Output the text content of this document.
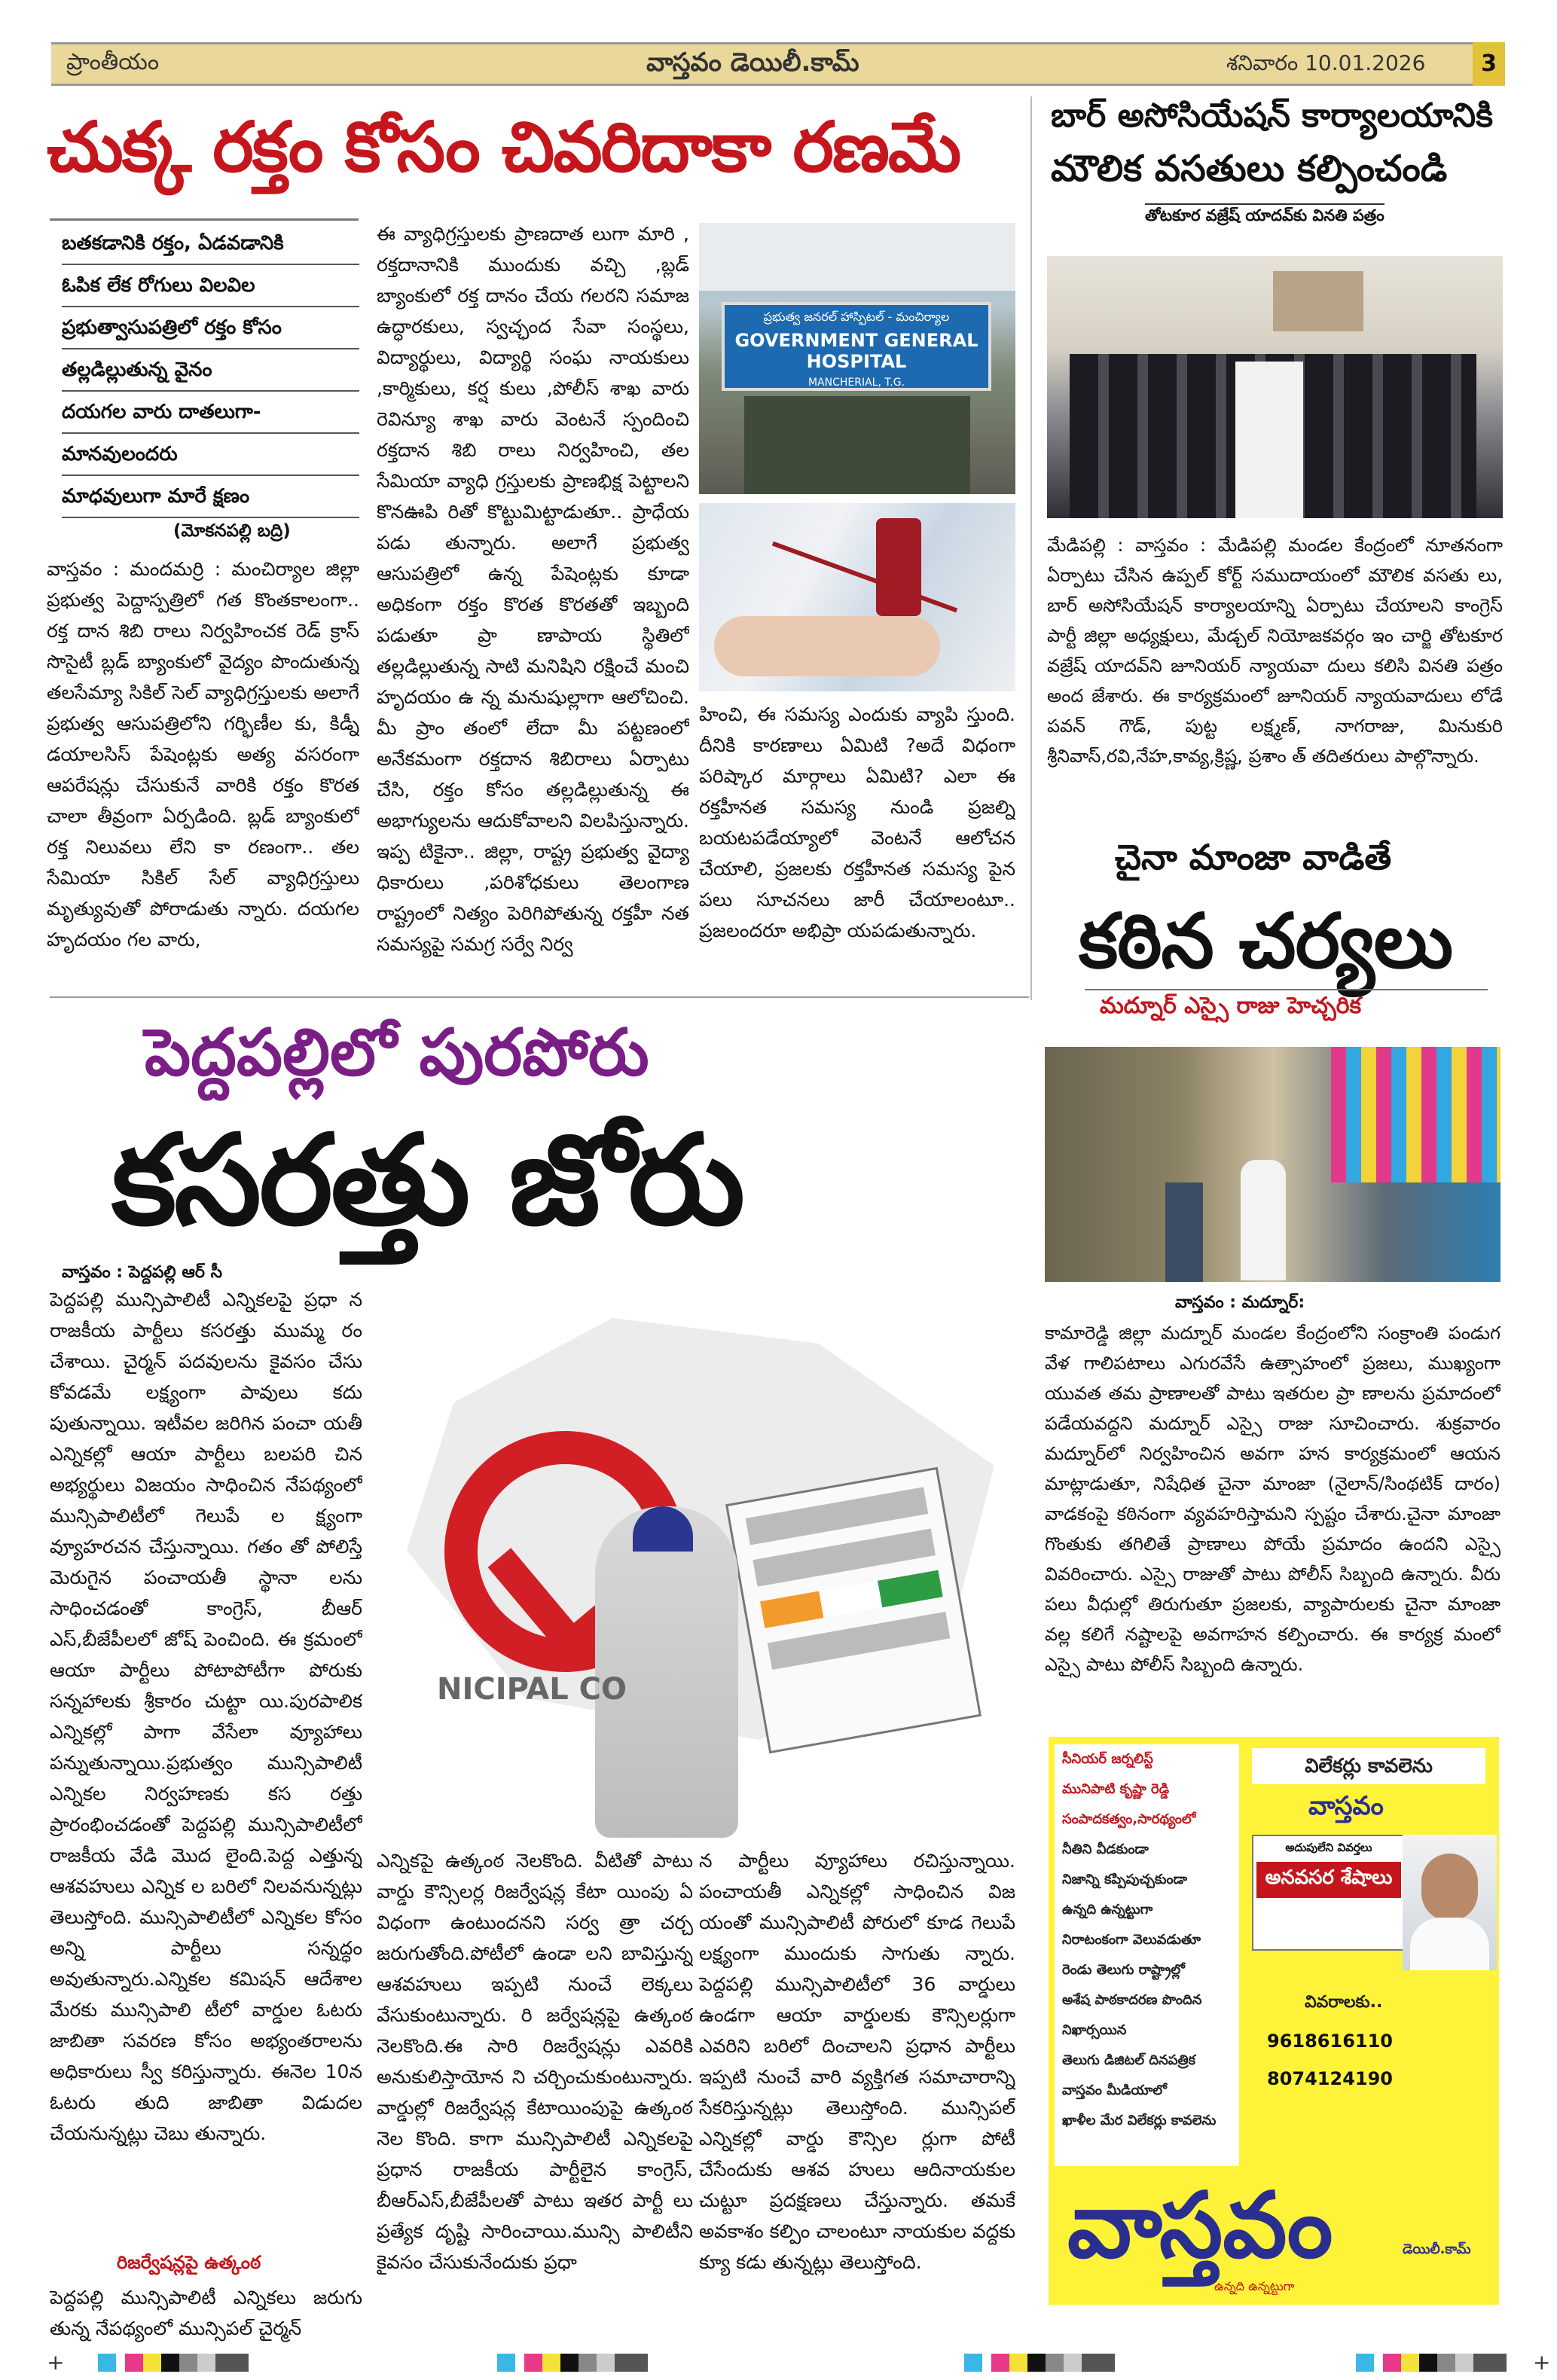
ప్రాంతీయం	వాస్తవం డెయిలీ.కామ్	శనివారం 10.01.2026	3
చుక్క రక్తం కోసం చివరిదాకా రణమే

బతకడానికి రక్తం, ఏడవడానికి

ఓపిక లేక రోగులు విలవిల

ప్రభుత్వాసుపత్రిలో రక్తం కోసం

తల్లడిల్లుతున్న వైనం

దయగల వారు దాతలుగా-

మానవులందరు

మాధవులుగా మారే క్షణం

(మోకనపల్లి బద్రి)
వాస్తవం : మందమర్రి : మంచిర్యాల జిల్లా ప్రభుత్వ పెద్దాస్పత్రిలో గత కొంతకాలంగా.. రక్త దాన శిబి రాలు నిర్వహించక రెడ్ క్రాస్ సొసైటీ బ్లడ్ బ్యాంకులో వైద్యం పొందుతున్న తలసేమ్యా సికిల్ సెల్ వ్యాధిగ్రస్తులకు అలాగే ప్రభుత్వ ఆసుపత్రిలోని గర్భిణీల కు, కిడ్నీ డయాలసిస్ పేషెంట్లకు అత్య వసరంగా ఆపరేషన్లు చేసుకునే వారికి రక్తం కొరత చాలా తీవ్రంగా ఏర్పడింది. బ్లడ్ బ్యాంకులో రక్త నిలువలు లేని కా రణంగా.. తల సేమియా సికిల్ సేల్ వ్యాధిగ్రస్తులు మృత్యువుతో పోరాడుతు న్నారు. దయగల హృదయం గల వారు,
ఈ వ్యాధిగ్రస్తులకు ప్రాణదాత లుగా మారి , రక్తదానానికి ముందుకు వచ్చి ,బ్లడ్ బ్యాంకులో రక్త దానం చేయ గలరని సమాజ ఉద్ధారకులు, స్వచ్ఛంద సేవా సంస్థలు, విద్యార్థులు, విద్యార్థి సంఘ నాయకులు ,కార్మికులు, కర్ష కులు ,పోలీస్ శాఖ వారు రెవిన్యూ శాఖ వారు వెంటనే స్పందించి రక్తదాన శిబి రాలు నిర్వహించి, తల సేమియా వ్యాధి గ్రస్తులకు ప్రాణభిక్ష పెట్టాలని కొనఊపి రితో కొట్టుమిట్టాడుతూ.. ప్రాధేయ పడు తున్నారు. అలాగే ప్రభుత్వ ఆసుపత్రిలో ఉన్న పేషెంట్లకు కూడా అధికంగా రక్తం కొరత కొరతతో ఇబ్బంది పడుతూ ప్రా ణాపాయ స్థితిలో తల్లడిల్లుతున్న సాటి మనిషిని రక్షించే మంచి హృదయం ఉ న్న మనుషుల్లాగా ఆలోచించి. మీ ప్రాం తంలో లేదా మీ పట్టణంలో అనేకమంగా రక్తదాన శిబిరాలు ఏర్పాటు చేసి, రక్తం కోసం తల్లడిల్లుతున్న ఈ అభాగ్యులను ఆదుకోవాలని విలపిస్తున్నారు. ఇప్ప టికైనా.. జిల్లా, రాష్ట్ర ప్రభుత్వ వైద్యా ధికారులు ,పరిశోధకులు తెలంగాణ రాష్ట్రంలో నిత్యం పెరిగిపోతున్న రక్తహీ నత సమస్యపై సమగ్ర సర్వే నిర్వ
ప్రభుత్వ జనరల్ హాస్పిటల్ - మంచిర్యాల
GOVERNMENT GENERAL HOSPITAL
MANCHERIAL, T.G.
హించి, ఈ సమస్య ఎందుకు వ్యాపి స్తుంది. దీనికి కారణాలు ఏమిటి ?అదే విధంగా పరిష్కార మార్గాలు ఏమిటి? ఎలా ఈ రక్తహీనత సమస్య నుండి ప్రజల్ని బయటపడేయ్యాలో వెంటనే ఆలోచన చేయాలి, ప్రజలకు రక్తహీనత సమస్య పైన పలు సూచనలు జారీ చేయాలంటూ.. ప్రజలందరూ అభిప్రా యపడుతున్నారు.
బార్ అసోసియేషన్ కార్యాలయానికి
మౌలిక వసతులు కల్పించండి
తోటకూర వజ్రేష్ యాదవ్‌కు వినతి పత్రం
మేడిపల్లి : వాస్తవం : మేడిపల్లి మండల కేంద్రంలో నూతనంగా ఏర్పాటు చేసిన ఉప్పల్ కోర్ట్ సముదాయంలో మౌలిక వసతు లు, బార్ అసోసియేషన్ కార్యాలయాన్ని ఏర్పాటు చేయాలని కాంగ్రెస్ పార్టీ జిల్లా అధ్యక్షులు, మేడ్చల్ నియోజకవర్గం ఇం చార్జి తోటకూర వజ్రేష్ యాదవ్‌ని జూనియర్ న్యాయవా దులు కలిసి వినతి పత్రం అంద జేశారు. ఈ కార్యక్రమంలో జూనియర్ న్యాయవాదులు లోడే పవన్ గౌడ్, పుట్ట లక్ష్మణ్, నాగరాజు, మినుకురి శ్రీనివాస్,రవి,నేహ,కావ్య,క్రిష్ణ, ప్రశాం త్ తదితరులు పాల్గొన్నారు.
చైనా మాంజా వాడితే
కఠిన చర్యలు
మద్నూర్ ఎస్సై రాజు హెచ్చరిక
వాస్తవం : మద్నూర్:
కామారెడ్డి జిల్లా మద్నూర్ మండల కేంద్రంలోని సంక్రాంతి పండుగ వేళ గాలిపటాలు ఎగురవేసే ఉత్సాహంలో ప్రజలు, ముఖ్యంగా యువత తమ ప్రాణాలతో పాటు ఇతరుల ప్రా ణాలను ప్రమాదంలో పడేయవద్దని మద్నూర్ ఎస్సై రాజు సూచించారు. శుక్రవారం మద్నూర్‌లో నిర్వహించిన అవగా హన కార్యక్రమంలో ఆయన మాట్లాడుతూ, నిషేధిత చైనా మాంజా (నైలాన్/సింథటిక్ దారం) వాడకంపై కఠినంగా వ్యవహరిస్తామని స్పష్టం చేశారు.చైనా మాంజా గొంతుకు తగిలితే ప్రాణాలు పోయే ప్రమాదం ఉందని ఎస్సై వివరించారు. ఎస్సై రాజుతో పాటు పోలీస్ సిబ్బంది ఉన్నారు. వీరు పలు వీధుల్లో తిరుగుతూ ప్రజలకు, వ్యాపారులకు చైనా మాంజా వల్ల కలిగే నష్టాలపై అవగాహన కల్పించారు. ఈ కార్యక్ర మంలో ఎస్సై పాటు పోలీస్ సిబ్బంది ఉన్నారు.
పెద్దపల్లిలో పురపోరు
కసరత్తు జోరు
వాస్తవం : పెద్దపల్లి ఆర్ సీ
పెద్దపల్లి మున్సిపాలిటీ ఎన్నికలపై ప్రధా న రాజకీయ పార్టీలు కసరత్తు ముమ్మ రం చేశాయి. చైర్మన్ పదవులను కైవసం చేసు కోవడమే లక్ష్యంగా పావులు కదు పుతున్నాయి. ఇటీవల జరిగిన పంచా యతీ ఎన్నికల్లో ఆయా పార్టీలు బలపరి చిన అభ్యర్థులు విజయం సాధించిన నేపథ్యంలో మున్సిపాలిటీలో గెలుపే ల క్ష్యంగా వ్యూహరచన చేస్తున్నాయి. గతం తో పోలిస్తే మెరుగైన పంచాయతీ స్థానా లను సాధించడంతో కాంగ్రెస్, బీఆర్ ఎస్,బీజేపీలలో జోష్ పెంచింది. ఈ క్రమంలో ఆయా పార్టీలు పోటాపోటీగా పోరుకు సన్నహాలకు శ్రీకారం చుట్టా యి.పురపాలిక ఎన్నికల్లో పాగా వేసేలా వ్యూహాలు పన్నుతున్నాయి.ప్రభుత్వం మున్సిపాలిటీ ఎన్నికల నిర్వహణకు కస రత్తు ప్రారంభించడంతో పెద్దపల్లి మున్సిపాలిటీలో రాజకీయ వేడి మొద లైంది.పెద్ద ఎత్తున్న ఆశవహులు ఎన్నిక ల బరిలో నిలవనున్నట్లు తెలుస్తోంది. మున్సిపాలిటీలో ఎన్నికల కోసం అన్ని పార్టీలు సన్నద్ధం అవుతున్నారు.ఎన్నికల కమిషన్ ఆదేశాల మేరకు మున్సిపాలి టీలో వార్డుల ఓటరు జాబితా సవరణ కోసం అభ్యంతరాలను అధికారులు స్వీ కరిస్తున్నారు. ఈనెల 10న ఓటరు తుది జాబితా విడుదల చేయనున్నట్లు చెబు తున్నారు.
రిజర్వేషన్లపై ఉత్కంఠ
పెద్దపల్లి మున్సిపాలిటీ ఎన్నికలు జరుగు తున్న నేపథ్యంలో మున్సిపల్ చైర్మన్
NICIPAL CO
ఎన్నికపై ఉత్కంఠ నెలకొంది. వీటితో పాటు వార్డు కౌన్సిలర్ల రిజర్వేషన్ల కేటా యింపు ఏ విధంగా ఉంటుందనని సర్వ త్రా చర్చ జరుగుతోంది.పోటీలో ఉండా లని బావిస్తున్న ఆశవహులు ఇప్పటి నుంచే లెక్కలు వేసుకుంటున్నారు. రి జర్వేషన్లపై ఉత్కంఠ నెలకొంది.ఈ సారి రిజర్వేషన్లు ఎవరికి అనుకులిస్తాయోన ని చర్చించుకుంటున్నారు. వార్డుల్లో రిజర్వేషన్ల కేటాయింపుపై ఉత్కంఠ నెల కొంది. కాగా మున్సిపాలిటీ ఎన్నికలపై ప్రధాన రాజకీయ పార్టీలైన కాంగ్రెస్, బీఆర్‌ఎస్,బీజేపీలతో పాటు ఇతర పార్టీ లు ప్రత్యేక దృష్టి సారించాయి.మున్సి పాలిటీని కైవసం చేసుకునేందుకు ప్రధా
న పార్టీలు వ్యూహాలు రచిస్తున్నాయి. పంచాయతీ ఎన్నికల్లో సాధించిన విజ యంతో మున్సిపాలిటీ పోరులో కూడ గెలుపే లక్ష్యంగా ముందుకు సాగుతు న్నారు. పెద్దపల్లి మున్సిపాలిటీలో 36 వార్డులు ఉండగా ఆయా వార్డులకు కౌన్సిలర్లుగా ఎవరిని బరిలో దించాలని ప్రధాన పార్టీలు ఇప్పటి నుంచే వారి వ్యక్తిగత సమాచారాన్ని సేకరిస్తున్నట్లు తెలుస్తోంది. మున్సిపల్ ఎన్నికల్లో వార్డు కౌన్సిల ర్లుగా పోటీ చేసేందుకు ఆశవ హులు ఆదినాయకుల చుట్టూ ప్రదక్షణలు చేస్తున్నారు. తమకే అవకాశం కల్పిం చాలంటూ నాయకుల వద్దకు క్యూ కడు తున్నట్లు తెలుస్తోంది.
సీనియర్ జర్నలిస్ట్
మునిపాటి కృష్ణా రెడ్డి
సంపాదకత్వం,సారథ్యంలో
నీతిని వీడకుండా
నిజాన్ని కప్పిపుచ్చకుండా
ఉన్నది ఉన్నట్టుగా
నిరాటంకంగా వెలువడుతూ
రెండు తెలుగు రాష్ట్రాల్లో
అశేష పాఠకాదరణ పొందిన
నిఖార్సయిన
తెలుగు డిజిటల్ దినపత్రిక
వాస్తవం మీడియాలో
ఖాళీల మేర విలేకర్లు కావలెను
విలేకర్లు కావలెను
వాస్తవం
అదుపులేని వివర్తలు
అనవసర శేషాలు
వివరాలకు..
9618616110
8074124190
వాస్తవం	డెయిలీ.కామ్
ఉన్నది ఉన్నట్టుగా
+	+
